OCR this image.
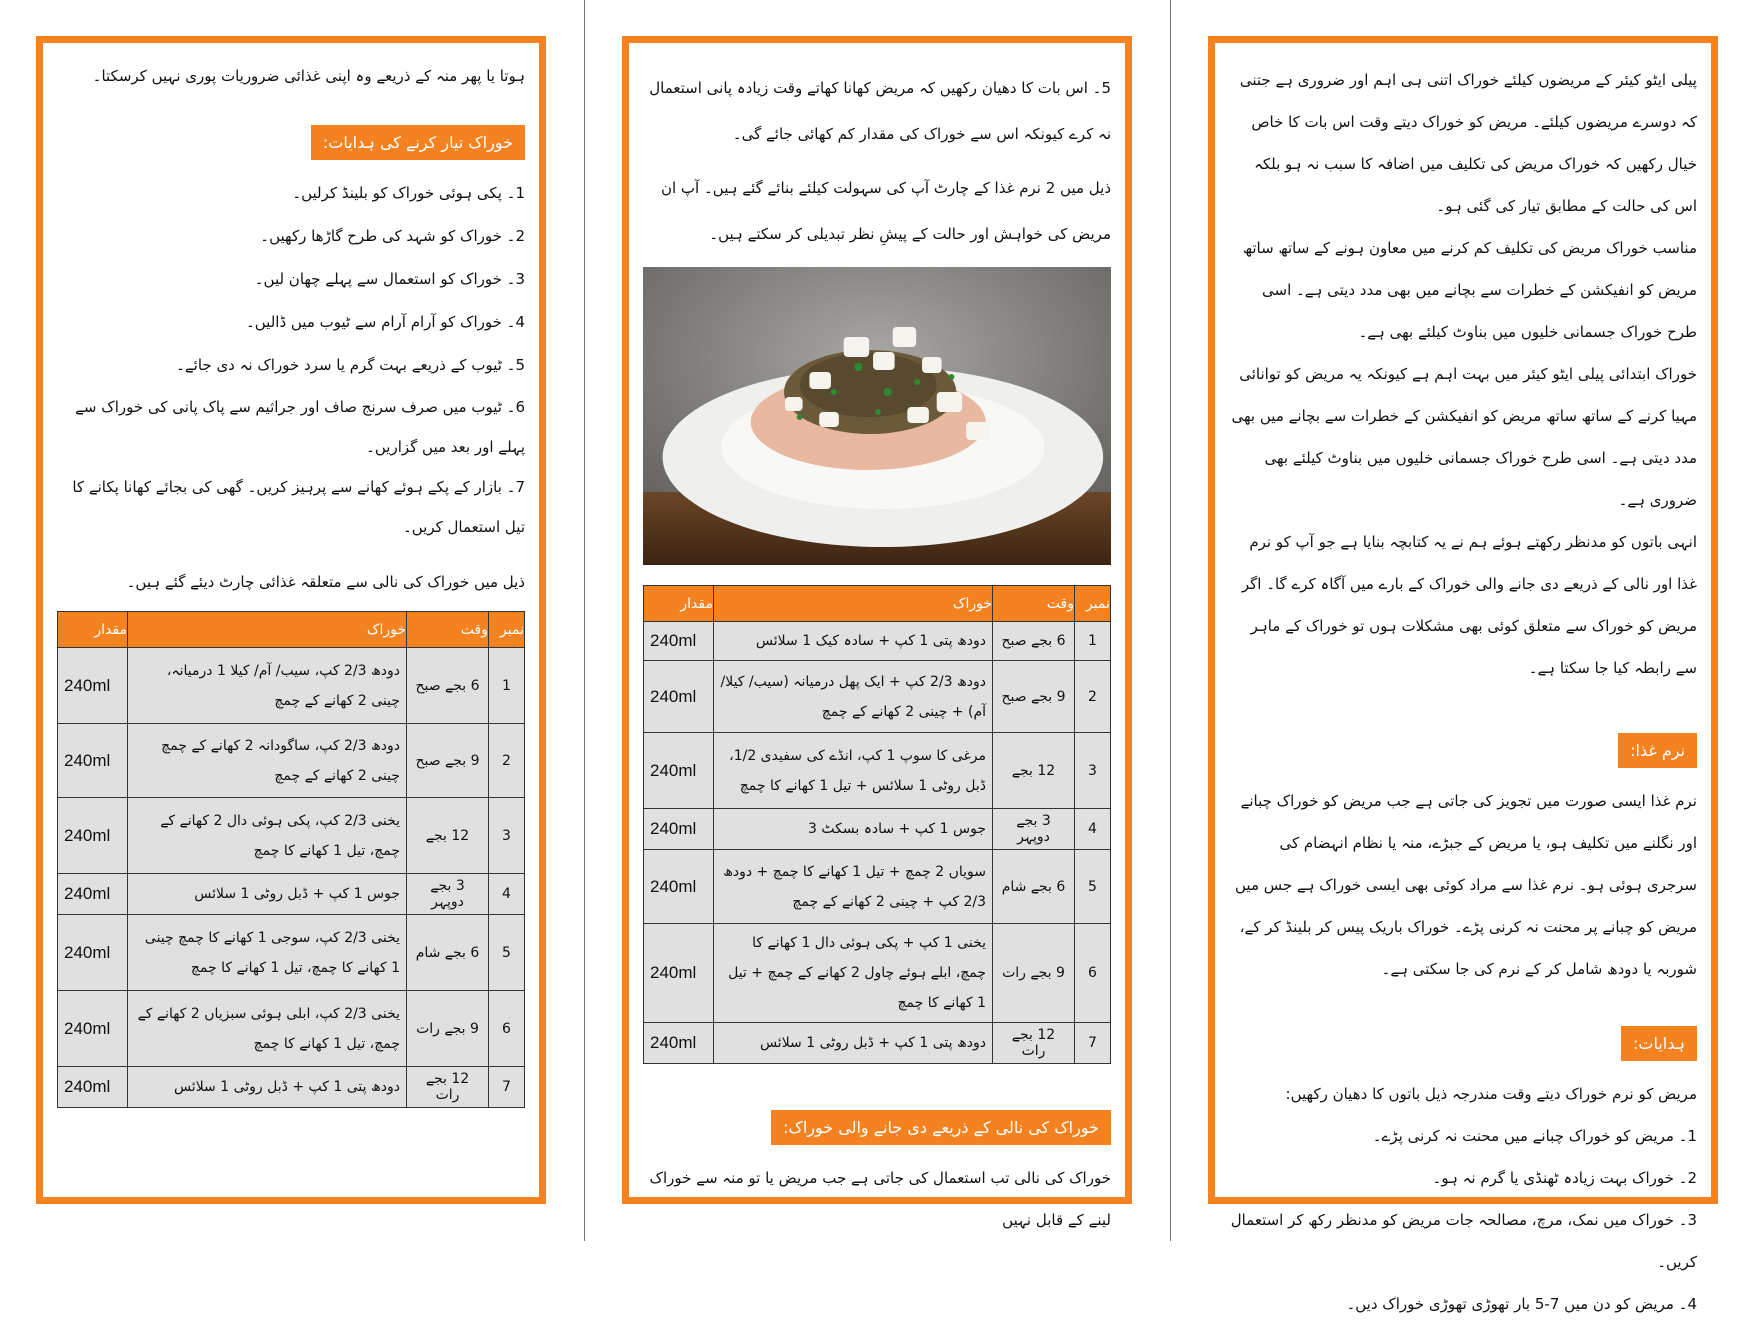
ہوتا یا پھر منہ کے ذریعے وہ اپنی غذائی ضروریات پوری نہیں کرسکتا۔

خوراک تیار کرنے کی ہدایات:

1۔ پکی ہوئی خوراک کو بلینڈ کرلیں۔

2۔ خوراک کو شہد کی طرح گاڑھا رکھیں۔

3۔ خوراک کو استعمال سے پہلے چھان لیں۔

4۔ خوراک کو آرام آرام سے ٹیوب میں ڈالیں۔

5۔ ٹیوب کے ذریعے بہت گرم یا سرد خوراک نہ دی جائے۔

6۔ ٹیوب میں صرف سرنج صاف اور جراثیم سے پاک پانی کی خوراک سے پہلے اور بعد میں گزاریں۔

7۔ بازار کے پکے ہوئے کھانے سے پرہیز کریں۔ گھی کی بجائے کھانا پکانے کا تیل استعمال کریں۔

ذیل میں خوراک کی نالی سے متعلقہ غذائی چارٹ دیئے گئے ہیں۔

نمبر	وقت	خوراک	مقدار
1	6 بجے صبح	دودھ 2/3 کپ، سیب/ آم/ کیلا 1 درمیانہ، چینی 2 کھانے کے چمچ	240ml
2	9 بجے صبح	دودھ 2/3 کپ، ساگودانہ 2 کھانے کے چمچ چینی 2 کھانے کے چمچ	240ml
3	12 بجے	یخنی 2/3 کپ، پکی ہوئی دال 2 کھانے کے چمچ، تیل 1 کھانے کا چمچ	240ml
4	3 بجے دوپہر	جوس 1 کپ + ڈبل روٹی 1 سلائس	240ml
5	6 بجے شام	یخنی 2/3 کپ، سوجی 1 کھانے کا چمچ چینی 1 کھانے کا چمچ، تیل 1 کھانے کا چمچ	240ml
6	9 بجے رات	یخنی 2/3 کپ، ابلی ہوئی سبزیاں 2 کھانے کے چمچ، تیل 1 کھانے کا چمچ	240ml
7	12 بجے رات	دودھ پتی 1 کپ + ڈبل روٹی 1 سلائس	240ml

5۔ اس بات کا دھیان رکھیں کہ مریض کھانا کھاتے وقت زیادہ پانی استعمال نہ کرے کیونکہ اس سے خوراک کی مقدار کم کھائی جائے گی۔

ذیل میں 2 نرم غذا کے چارٹ آپ کی سہولت کیلئے بنائے گئے ہیں۔ آپ ان مریض کی خواہش اور حالت کے پیشِ نظر تبدیلی کر سکتے ہیں۔

نمبر	وقت	خوراک	مقدار
1	6 بجے صبح	دودھ پتی 1 کپ + سادہ کیک 1 سلائس	240ml
2	9 بجے صبح	دودھ 2/3 کپ + ایک پھل درمیانہ (سیب/ کیلا/ آم) + چینی 2 کھانے کے چمچ	240ml
3	12 بجے	مرغی کا سوپ 1 کپ، انڈے کی سفیدی 1/2، ڈبل روٹی 1 سلائس + تیل 1 کھانے کا چمچ	240ml
4	3 بجے دوپہر	جوس 1 کپ + سادہ بسکٹ 3	240ml
5	6 بجے شام	سویاں 2 چمچ + تیل 1 کھانے کا چمچ + دودھ 2/3 کپ + چینی 2 کھانے کے چمچ	240ml
6	9 بجے رات	یخنی 1 کپ + پکی ہوئی دال 1 کھانے کا چمچ، ابلے ہوئے چاول 2 کھانے کے چمچ + تیل 1 کھانے کا چمچ	240ml
7	12 بجے رات	دودھ پتی 1 کپ + ڈبل روٹی 1 سلائس	240ml
خوراک کی نالی کے ذریعے دی جانے والی خوراک:

خوراک کی نالی تب استعمال کی جاتی ہے جب مریض یا تو منہ سے خوراک لینے کے قابل نہیں

پیلی ایٹو کیئر کے مریضوں کیلئے خوراک اتنی ہی اہم اور ضروری ہے جتنی کہ دوسرے مریضوں کیلئے۔ مریض کو خوراک دیتے وقت اس بات کا خاص خیال رکھیں کہ خوراک مریض کی تکلیف میں اضافہ کا سبب نہ ہو بلکہ اس کی حالت کے مطابق تیار کی گئی ہو۔

مناسب خوراک مریض کی تکلیف کم کرنے میں معاون ہونے کے ساتھ ساتھ مریض کو انفیکشن کے خطرات سے بچانے میں بھی مدد دیتی ہے۔ اسی طرح خوراک جسمانی خلیوں میں بناوٹ کیلئے بھی ہے۔

خوراک ابتدائی پیلی ایٹو کیئر میں بہت اہم ہے کیونکہ یہ مریض کو توانائی مہیا کرنے کے ساتھ ساتھ مریض کو انفیکشن کے خطرات سے بچانے میں بھی مدد دیتی ہے۔ اسی طرح خوراک جسمانی خلیوں میں بناوٹ کیلئے بھی ضروری ہے۔

انہی باتوں کو مدنظر رکھتے ہوئے ہم نے یہ کتابچہ بنایا ہے جو آپ کو نرم غذا اور نالی کے ذریعے دی جانے والی خوراک کے بارے میں آگاہ کرے گا۔ اگر مریض کو خوراک سے متعلق کوئی بھی مشکلات ہوں تو خوراک کے ماہر سے رابطہ کیا جا سکتا ہے۔

نرم غذا:

نرم غذا ایسی صورت میں تجویز کی جاتی ہے جب مریض کو خوراک چبانے اور نگلنے میں تکلیف ہو، یا مریض کے جبڑے، منہ یا نظام انہضام کی سرجری ہوئی ہو۔ نرم غذا سے مراد کوئی بھی ایسی خوراک ہے جس میں مریض کو چبانے پر محنت نہ کرنی پڑے۔ خوراک باریک پیس کر بلینڈ کر کے، شوربہ یا دودھ شامل کر کے نرم کی جا سکتی ہے۔

ہدایات:

مریض کو نرم خوراک دیتے وقت مندرجہ ذیل باتوں کا دھیان رکھیں:

1۔ مریض کو خوراک چبانے میں محنت نہ کرنی پڑے۔

2۔ خوراک بہت زیادہ ٹھنڈی یا گرم نہ ہو۔

3۔ خوراک میں نمک، مرچ، مصالحہ جات مریض کو مدنظر رکھ کر استعمال کریں۔

4۔ مریض کو دن میں 7-5 بار تھوڑی تھوڑی خوراک دیں۔
